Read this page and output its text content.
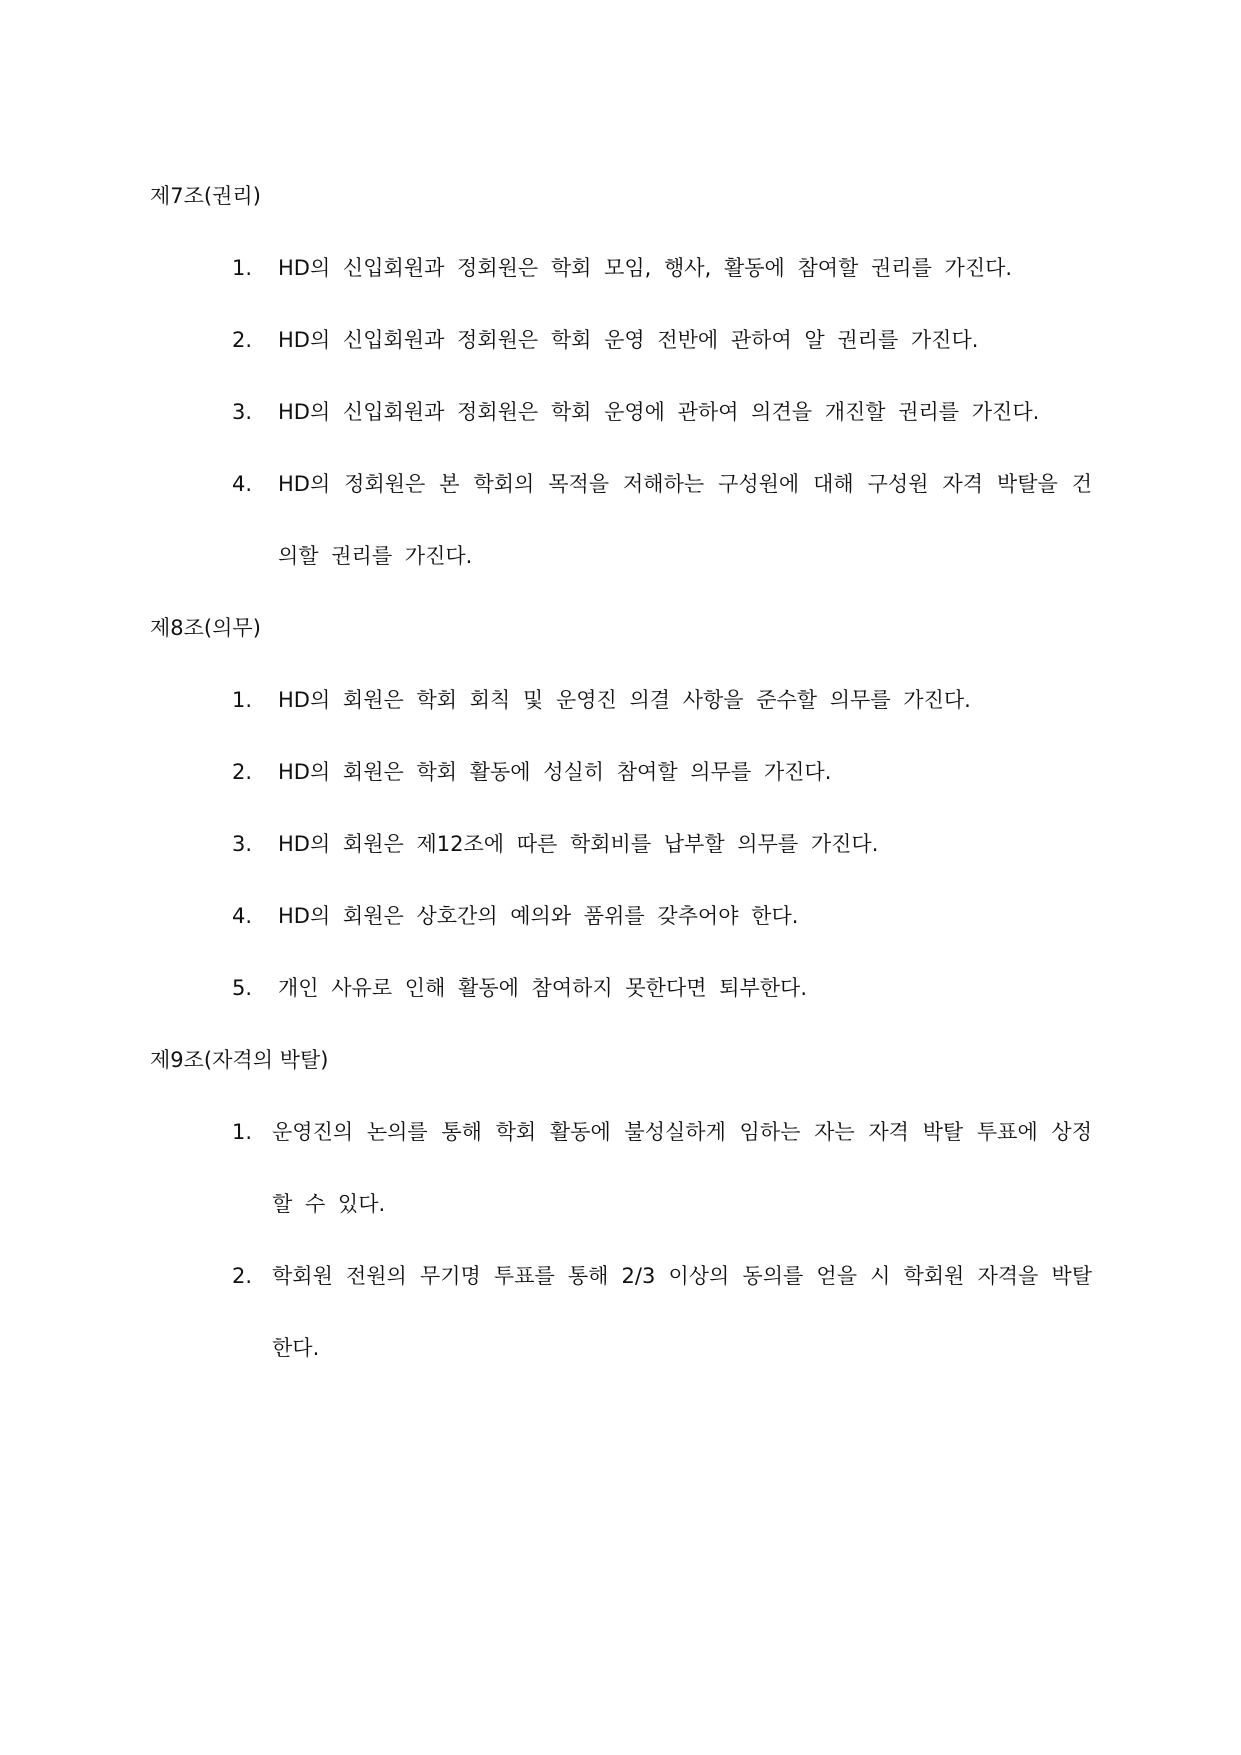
제7조(권리)
1.	HD의 신입회원과 정회원은 학회 모임, 행사, 활동에 참여할 권리를 가진다.
2.	HD의 신입회원과 정회원은 학회 운영 전반에 관하여 알 권리를 가진다.
3.	HD의 신입회원과 정회원은 학회 운영에 관하여 의견을 개진할 권리를 가진다.
4.	HD의 정회원은 본 학회의 목적을 저해하는 구성원에 대해 구성원 자격 박탈을 건의할 권리를 가진다.
제8조(의무)
1.	HD의 회원은 학회 회칙 및 운영진 의결 사항을 준수할 의무를 가진다.
2.	HD의 회원은 학회 활동에 성실히 참여할 의무를 가진다.
3.	HD의 회원은 제12조에 따른 학회비를 납부할 의무를 가진다.
4.	HD의 회원은 상호간의 예의와 품위를 갖추어야 한다.
5.	개인 사유로 인해 활동에 참여하지 못한다면 퇴부한다.
제9조(자격의 박탈)
1. 운영진의 논의를 통해 학회 활동에 불성실하게 임하는 자는 자격 박탈 투표에 상정할 수 있다.
2. 학회원 전원의 무기명 투표를 통해 2/3 이상의 동의를 얻을 시 학회원 자격을 박탈한다.
